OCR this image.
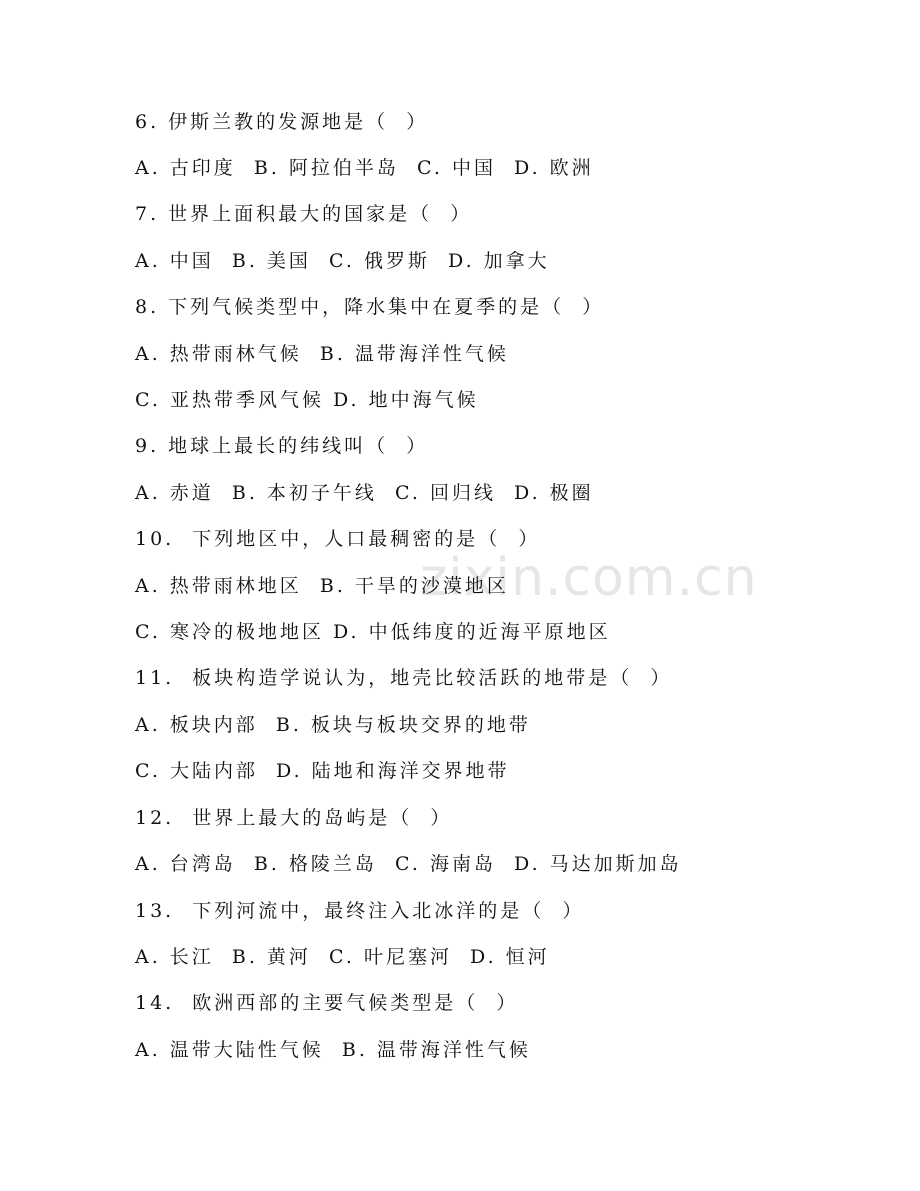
zixin.com.cn
6. 伊斯兰教的发源地是（  ）
A. 古印度  B. 阿拉伯半岛  C. 中国  D. 欧洲
7. 世界上面积最大的国家是（  ）
A. 中国  B. 美国  C. 俄罗斯  D. 加拿大
8. 下列气候类型中，降水集中在夏季的是（  ）
A. 热带雨林气候  B. 温带海洋性气候
C. 亚热带季风气候 D. 地中海气候
9. 地球上最长的纬线叫（  ）
A. 赤道  B. 本初子午线  C. 回归线  D. 极圈
10.  下列地区中，人口最稠密的是（  ）
A. 热带雨林地区  B. 干旱的沙漠地区
C. 寒冷的极地地区 D. 中低纬度的近海平原地区
11.  板块构造学说认为，地壳比较活跃的地带是（  ）
A. 板块内部  B. 板块与板块交界的地带
C. 大陆内部  D. 陆地和海洋交界地带
12.  世界上最大的岛屿是（  ）
A. 台湾岛  B. 格陵兰岛  C. 海南岛  D. 马达加斯加岛
13.  下列河流中，最终注入北冰洋的是（  ）
A. 长江  B. 黄河  C. 叶尼塞河  D. 恒河
14.  欧洲西部的主要气候类型是（  ）
A. 温带大陆性气候  B. 温带海洋性气候
